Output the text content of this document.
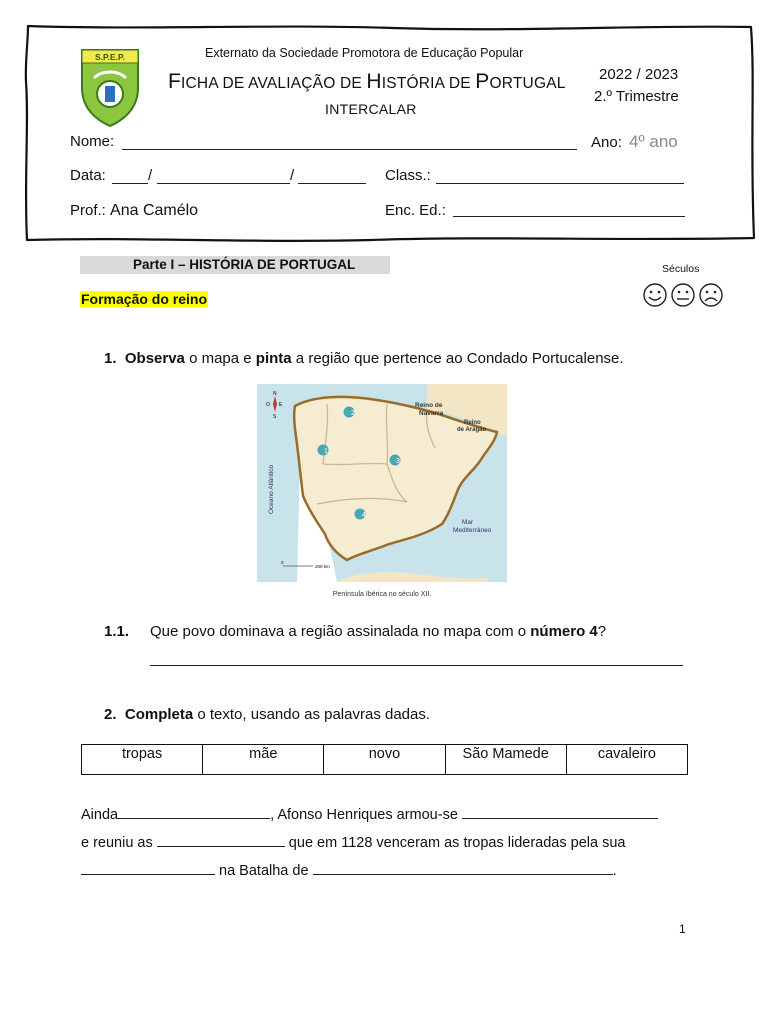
S.P.E.P.	Externato da Sociedade Promotora de Educação Popular
FICHA DE AVALIAÇÃO DE HISTÓRIA DE PORTUGAL
INTERCALAR
2022 / 2023
2.º Trimestre
Nome:	Ano: 4º ano
Data:	/	/	Class.:
Prof.: Ana Camélo	Enc. Ed.:
Parte I – HISTÓRIA DE PORTUGAL
Formação do reino
Séculos
1. Observa o mapa e pinta a região que pertence ao Condado Portucalense.
2
1
3
4
Reino de
Navarra
Reino
de Aragão
Mar
Mediterrâneo
Oceano Atlântico
N
S
E
O
0
200 km
Península Ibérica no século XII.
1.1. Que povo dominava a região assinalada no mapa com o número 4?
2. Completa o texto, usando as palavras dadas.
tropas	mãe	novo	São Mamede	cavaleiro
Ainda	, Afonso Henriques armou-se
e reuniu as	que em 1128 venceram as tropas lideradas pela sua
na Batalha de	.
1
